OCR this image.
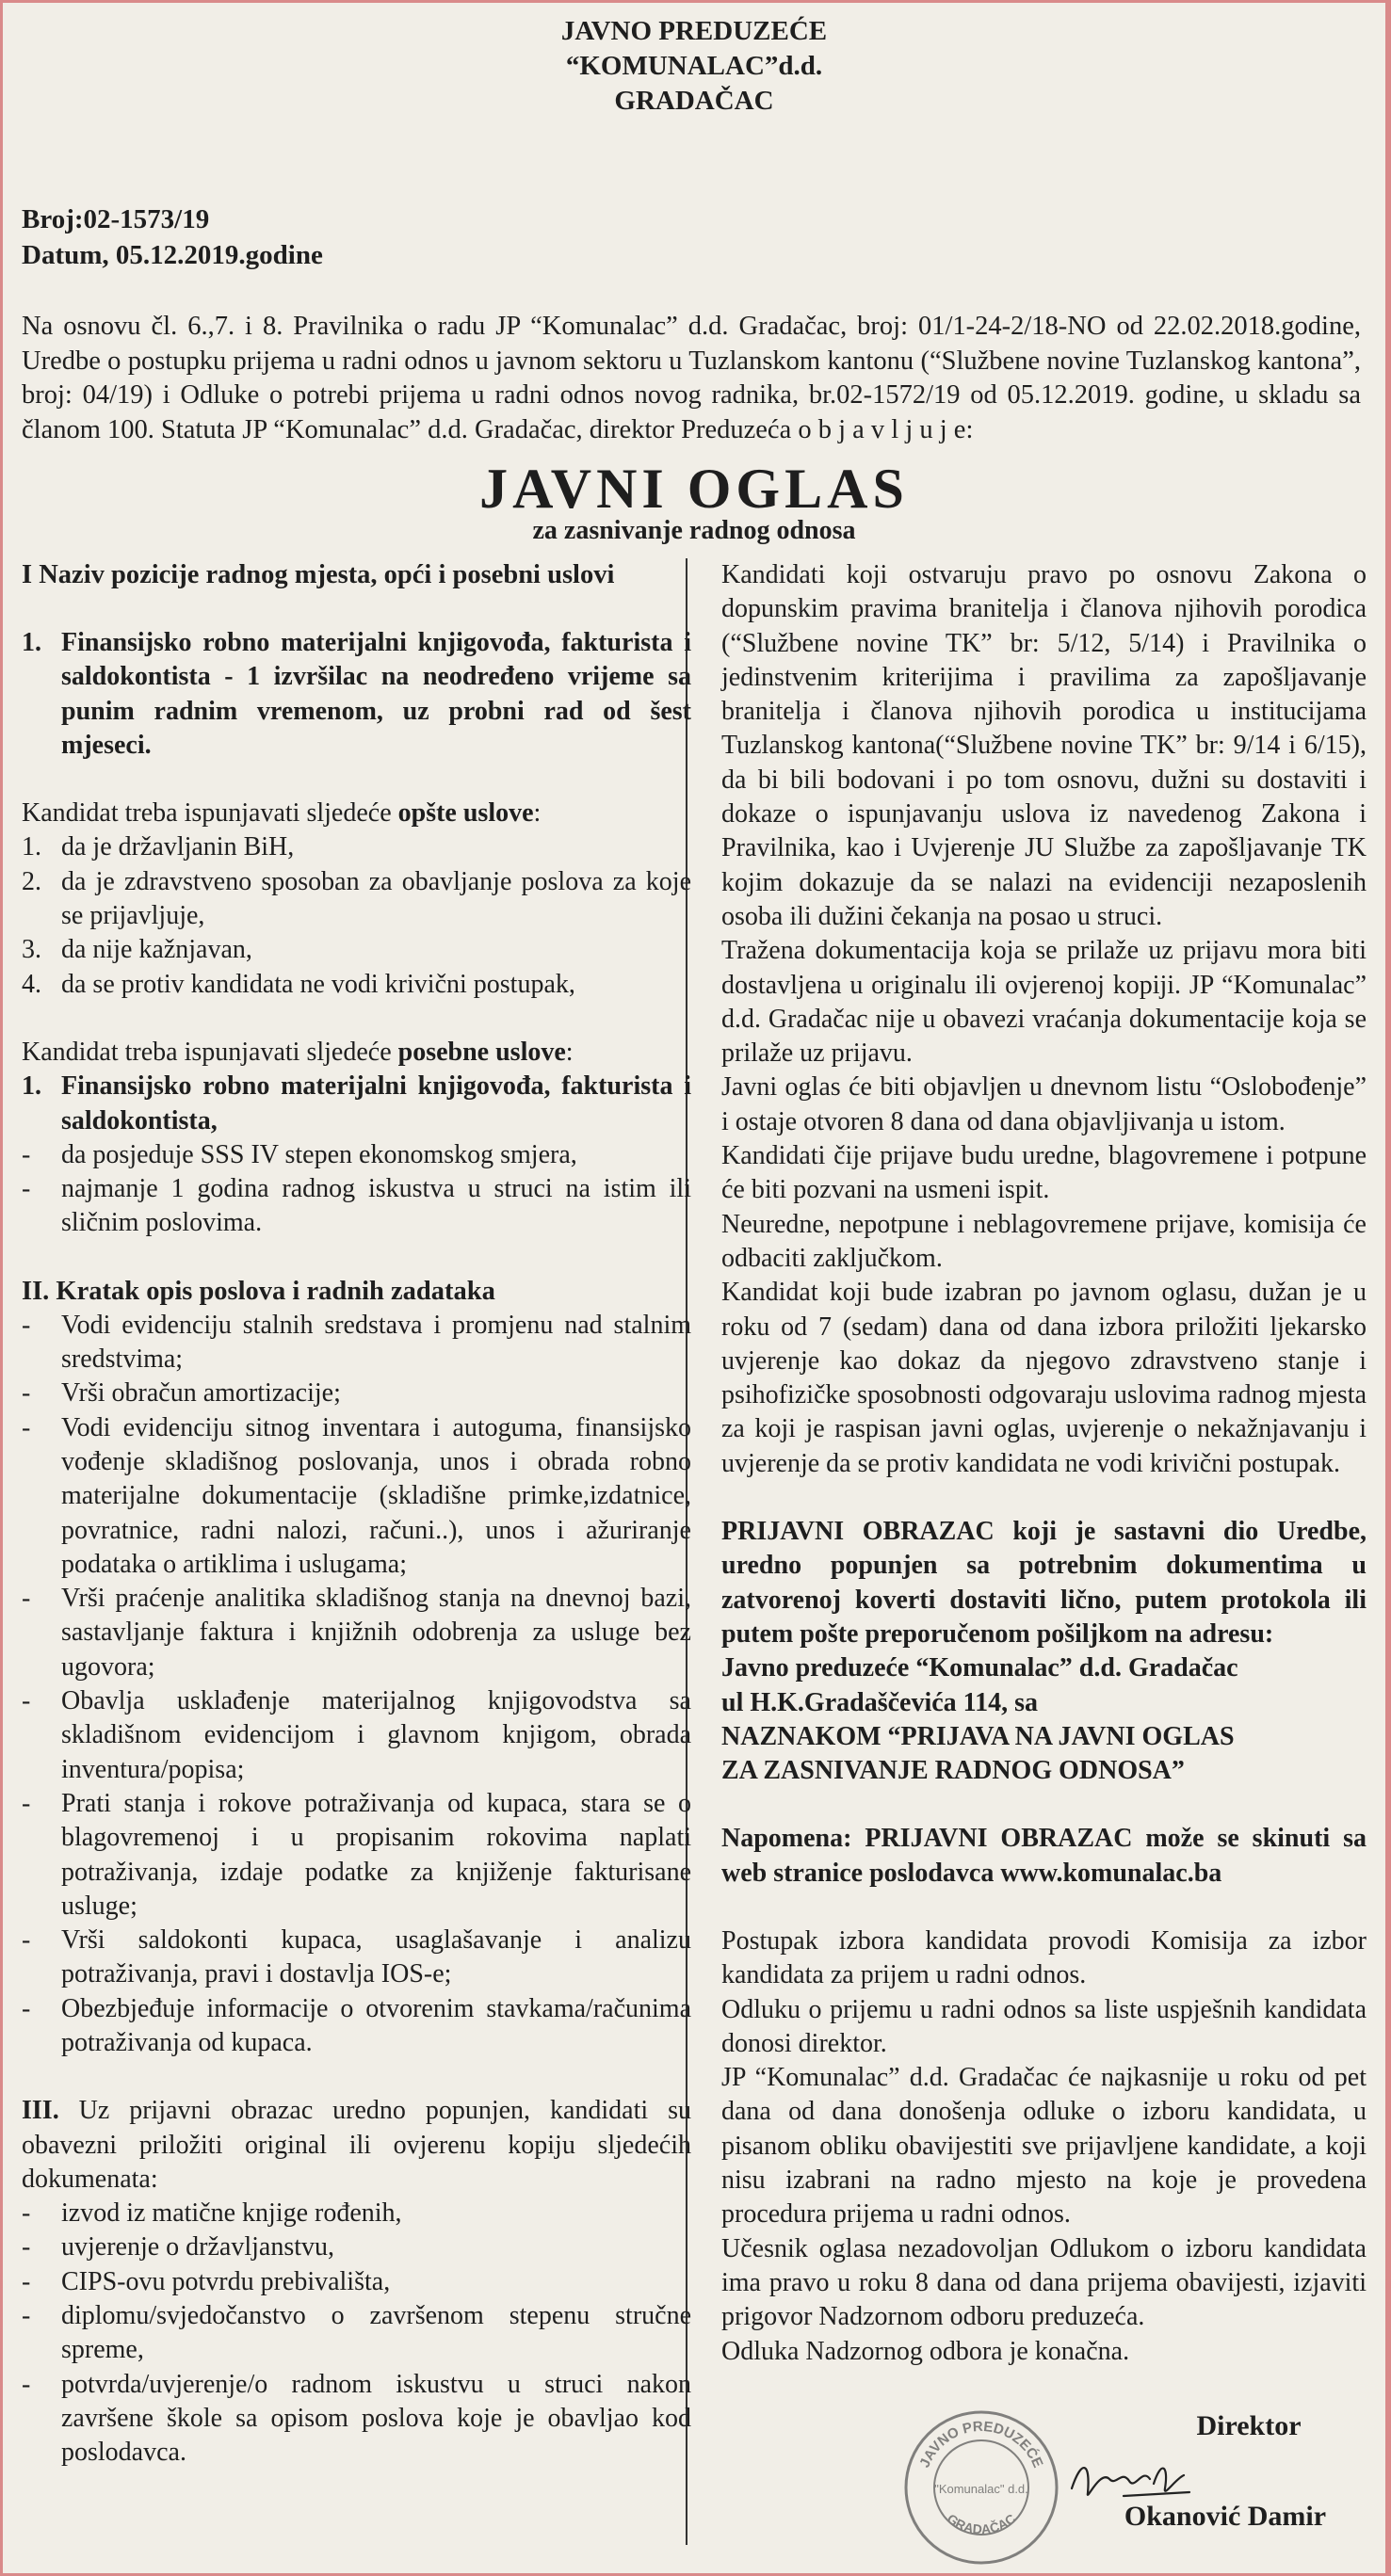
JAVNO PREDUZEĆE
“KOMUNALAC”d.d.
GRADAČAC
Broj:02-1573/19
Datum, 05.12.2019.godine
Na osnovu čl. 6.,7. i 8. Pravilnika o radu JP “Komunalac” d.d. Gradačac, broj: 01/1-24-2/18-NO od 22.02.2018.godine, Uredbe o postupku prijema u radni odnos u javnom sektoru u Tuzlanskom kantonu (“Službene novine Tuzlanskog kantona”, broj: 04/19) i Odluke o potrebi prijema u radni odnos novog radnika, br.02-1572/19 od 05.12.2019. godine, u skladu sa članom 100. Statuta JP “Komunalac” d.d. Gradačac, direktor Preduzeća o b j a v l j u j e:
JAVNI OGLAS
za zasnivanje radnog odnosa
I Naziv pozicije radnog mjesta, opći i posebni uslovi
1. Finansijsko robno materijalni knjigovođa, fakturista i saldokontista - 1 izvršilac na neodređeno vrijeme sa punim radnim vremenom, uz probni rad od šest mjeseci.
Kandidat treba ispunjavati sljedeće opšte uslove:
1. da je državljanin BiH,
2. da je zdravstveno sposoban za obavljanje poslova za koje se prijavljuje,
3. da nije kažnjavan,
4. da se protiv kandidata ne vodi krivični postupak,
Kandidat treba ispunjavati sljedeće posebne uslove:
1. Finansijsko robno materijalni knjigovođa, fakturista i saldokontista,
-	da posjeduje SSS IV stepen ekonomskog smjera,
-	najmanje 1 godina radnog iskustva u struci na istim ili sličnim poslovima.
II. Kratak opis poslova i radnih zadataka
-	Vodi evidenciju stalnih sredstava i promjenu nad stalnim sredstvima;
-	Vrši obračun amortizacije;
-	Vodi evidenciju sitnog inventara i autoguma, finansijsko vođenje skladišnog poslovanja, unos i obrada robno materijalne dokumentacije (skladišne primke,izdatnice, povratnice, radni nalozi, računi..), unos i ažuriranje podataka o artiklima i uslugama;
-	Vrši praćenje analitika skladišnog stanja na dnevnoj bazi, sastavljanje faktura i knjižnih odobrenja za usluge bez ugovora;
-	Obavlja usklađenje materijalnog knjigovodstva sa skladišnom evidencijom i glavnom knjigom, obrada inventura/popisa;
-	Prati stanja i rokove potraživanja od kupaca, stara se o blagovremenoj i u propisanim rokovima naplati potraživanja, izdaje podatke za knjiženje fakturisane usluge;
-	Vrši saldokonti kupaca, usaglašavanje i analizu potraživanja, pravi i dostavlja IOS-e;
-	Obezbjeđuje informacije o otvorenim stavkama/računima potraživanja od kupaca.
III. Uz prijavni obrazac uredno popunjen, kandidati su obavezni priložiti original ili ovjerenu kopiju sljedećih dokumenata:
-	izvod iz matične knjige rođenih,
-	uvjerenje o državljanstvu,
-	CIPS-ovu potvrdu prebivališta,
-	diplomu/svjedočanstvo o završenom stepenu stručne spreme,
-	potvrda/uvjerenje/o radnom iskustvu u struci nakon završene škole sa opisom poslova koje je obavljao kod poslodavca.
Kandidati koji ostvaruju pravo po osnovu Zakona o dopunskim pravima branitelja i članova njihovih porodica (“Službene novine TK” br: 5/12, 5/14) i Pravilnika o jedinstvenim kriterijima i pravilima za zapošljavanje branitelja i članova njihovih porodica u institucijama Tuzlanskog kantona(“Službene novine TK” br: 9/14 i 6/15), da bi bili bodovani i po tom osnovu, dužni su dostaviti i dokaze o ispunjavanju uslova iz navedenog Zakona i Pravilnika, kao i Uvjerenje JU Službe za zapošljavanje TK kojim dokazuje da se nalazi na evidenciji nezaposlenih osoba ili dužini čekanja na posao u struci.
Tražena dokumentacija koja se prilaže uz prijavu mora biti dostavljena u originalu ili ovjerenoj kopiji. JP “Komunalac” d.d. Gradačac nije u obavezi vraćanja dokumentacije koja se prilaže uz prijavu.
Javni oglas će biti objavljen u dnevnom listu “Oslobođenje” i ostaje otvoren 8 dana od dana objavljivanja u istom.
Kandidati čije prijave budu uredne, blagovremene i potpune će biti pozvani na usmeni ispit.
Neuredne, nepotpune i neblagovremene prijave, komisija će odbaciti zaključkom.
Kandidat koji bude izabran po javnom oglasu, dužan je u roku od 7 (sedam) dana od dana izbora priložiti ljekarsko uvjerenje kao dokaz da njegovo zdravstveno stanje i psihofizičke sposobnosti odgovaraju uslovima radnog mjesta za koji je raspisan javni oglas, uvjerenje o nekažnjavanju i uvjerenje da se protiv kandidata ne vodi krivični postupak.
PRIJAVNI OBRAZAC koji je sastavni dio Uredbe, uredno popunjen sa potrebnim dokumentima u zatvorenoj koverti dostaviti lično, putem protokola ili putem pošte preporučenom pošiljkom na adresu:
Javno preduzeće “Komunalac” d.d. Gradačac
ul H.K.Gradaščevića 114, sa
NAZNAKOM “PRIJAVA NA JAVNI OGLAS
ZA ZASNIVANJE RADNOG ODNOSA”
Napomena: PRIJAVNI OBRAZAC može se skinuti sa web stranice poslodavca www.komunalac.ba
Postupak izbora kandidata provodi Komisija za izbor kandidata za prijem u radni odnos.
Odluku o prijemu u radni odnos sa liste uspješnih kandidata donosi direktor.
JP “Komunalac” d.d. Gradačac će najkasnije u roku od pet dana od dana donošenja odluke o izboru kandidata, u pisanom obliku obavijestiti sve prijavljene kandidate, a koji nisu izabrani na radno mjesto na koje je provedena procedura prijema u radni odnos.
Učesnik oglasa nezadovoljan Odlukom o izboru kandidata ima pravo u roku 8 dana od dana prijema obavijesti, izjaviti prigovor Nadzornom odboru preduzeća.
Odluka Nadzornog odbora je konačna.
JAVNO PREDUZEĆE
"Komunalac" d.d.
GRADAČAC
Direktor
Okanović Damir
